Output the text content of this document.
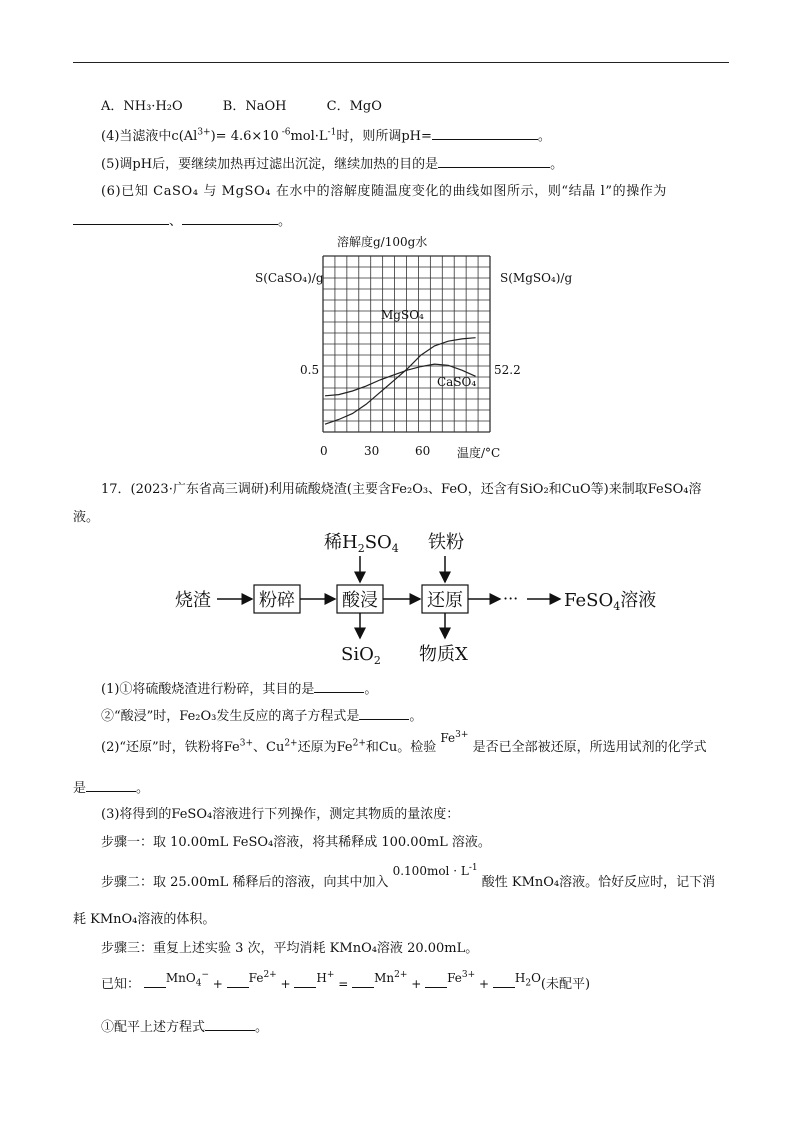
A．NH₃·H₂O	B．NaOH	C．MgO
(4)当滤液中$c(Al^{3+})= 4.6\times 10$ $^{-6}mol\cdot L^{-1}$时，则所调pH=	。
(5)调pH后，要继续加热再过滤出沉淀，继续加热的目的是	。
(6)已知 CaSO₄ 与 MgSO₄ 在水中的溶解度随温度变化的曲线如图所示，则“结晶 l”的操作为
、	。
溶解度g/100g水
S(CaSO₄)/g	S(MgSO₄)/g
0.5	52.2
0	30	60 温度/°C
MgSO₄
CaSO₄
17．(2023·广东省高三调研)利用硫酸烧渣(主要含Fe₂O₃、FeO，还含有SiO₂和CuO等)来制取FeSO₄溶
液。
烧渣	粉碎	酸浸	还原	···	FeSO$_4$溶液
稀$H_2SO_4$ 铁粉
SiO$_2$ 物质X
(1)①将硫酸烧渣进行粉碎，其目的是	。
②“酸浸”时，Fe₂O₃发生反应的离子方程式是	。
(2)“还原”时，铁粉将$Fe^{3+}$、$Cu^{2+}$还原为$Fe^{2+}$和Cu。检验 $Fe^{3+}$ 是否已全部被还原，所选用试剂的化学式
是	。
(3)将得到的FeSO₄溶液进行下列操作，测定其物质的量浓度：
步骤一：取 10.00mL FeSO₄溶液，将其稀释成 100.00mL 溶液。
步骤二：取 25.00mL 稀释后的溶液，向其中加入 $0.100mol \cdot L^{-1}$ 酸性 KMnO₄溶液。恰好反应时，记下消
耗 KMnO₄溶液的体积。
步骤三：重复上述实验 3 次，平均消耗 KMnO₄溶液 20.00mL。
已知： $MnO_4^- + Fe^{2+} + H^+ = Mn^{2+} + Fe^{3+} + H_2O$(未配平)
①配平上述方程式	。
